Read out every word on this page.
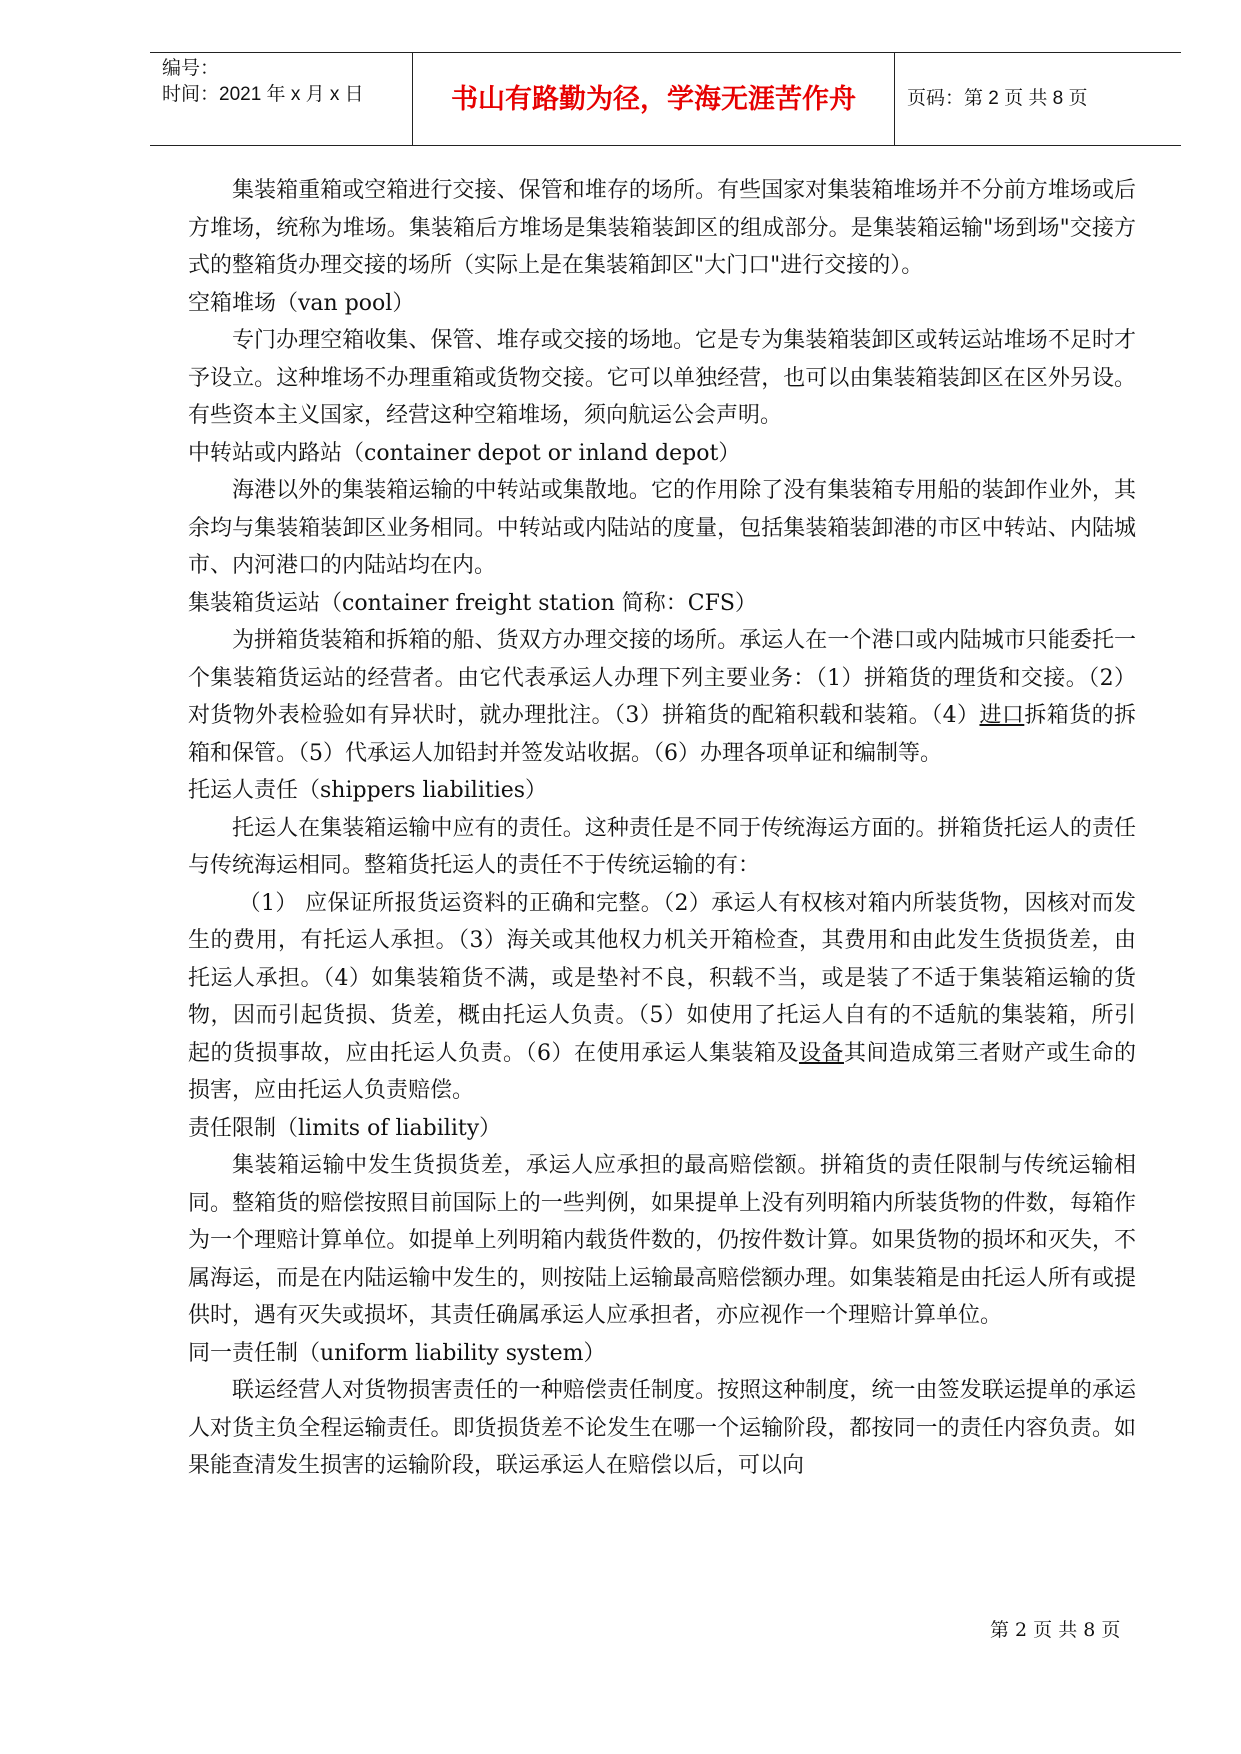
编号：
时间：2021 年 x 月 x 日	书山有路勤为径，学海无涯苦作舟	页码：第 2 页 共 8 页

集装箱重箱或空箱进行交接、保管和堆存的场所。有些国家对集装箱堆场并不分前方堆场或后方堆场，统称为堆场。集装箱后方堆场是集装箱装卸区的组成部分。是集装箱运输"场到场"交接方式的整箱货办理交接的场所（实际上是在集装箱卸区"大门口"进行交接的）。

空箱堆场（van pool）

专门办理空箱收集、保管、堆存或交接的场地。它是专为集装箱装卸区或转运站堆场不足时才予设立。这种堆场不办理重箱或货物交接。它可以单独经营，也可以由集装箱装卸区在区外另设。有些资本主义国家，经营这种空箱堆场，须向航运公会声明。

中转站或内路站（container depot or inland depot）

海港以外的集装箱运输的中转站或集散地。它的作用除了没有集装箱专用船的装卸作业外，其余均与集装箱装卸区业务相同。中转站或内陆站的度量，包括集装箱装卸港的市区中转站、内陆城市、内河港口的内陆站均在内。

集装箱货运站（container freight station 简称：CFS）

为拼箱货装箱和拆箱的船、货双方办理交接的场所。承运人在一个港口或内陆城市只能委托一个集装箱货运站的经营者。由它代表承运人办理下列主要业务：（1）拼箱货的理货和交接。（2）对货物外表检验如有异状时，就办理批注。（3）拼箱货的配箱积载和装箱。（4）进口拆箱货的拆箱和保管。（5）代承运人加铅封并签发站收据。（6）办理各项单证和编制等。

托运人责任（shippers liabilities）

托运人在集装箱运输中应有的责任。这种责任是不同于传统海运方面的。拼箱货托运人的责任与传统海运相同。整箱货托运人的责任不于传统运输的有：

（1） 应保证所报货运资料的正确和完整。（2）承运人有权核对箱内所装货物，因核对而发生的费用，有托运人承担。（3）海关或其他权力机关开箱检查，其费用和由此发生货损货差，由托运人承担。（4）如集装箱货不满，或是垫衬不良，积载不当，或是装了不适于集装箱运输的货物，因而引起货损、货差，概由托运人负责。（5）如使用了托运人自有的不适航的集装箱，所引起的货损事故，应由托运人负责。（6）在使用承运人集装箱及设备其间造成第三者财产或生命的损害，应由托运人负责赔偿。

责任限制（limits of liability）

集装箱运输中发生货损货差，承运人应承担的最高赔偿额。拼箱货的责任限制与传统运输相同。整箱货的赔偿按照目前国际上的一些判例，如果提单上没有列明箱内所装货物的件数，每箱作为一个理赔计算单位。如提单上列明箱内载货件数的，仍按件数计算。如果货物的损坏和灭失，不属海运，而是在内陆运输中发生的，则按陆上运输最高赔偿额办理。如集装箱是由托运人所有或提供时，遇有灭失或损坏，其责任确属承运人应承担者，亦应视作一个理赔计算单位。

同一责任制（uniform liability system）

联运经营人对货物损害责任的一种赔偿责任制度。按照这种制度，统一由签发联运提单的承运人对货主负全程运输责任。即货损货差不论发生在哪一个运输阶段，都按同一的责任内容负责。如果能查清发生损害的运输阶段，联运承运人在赔偿以后，可以向

第 2 页 共 8 页
